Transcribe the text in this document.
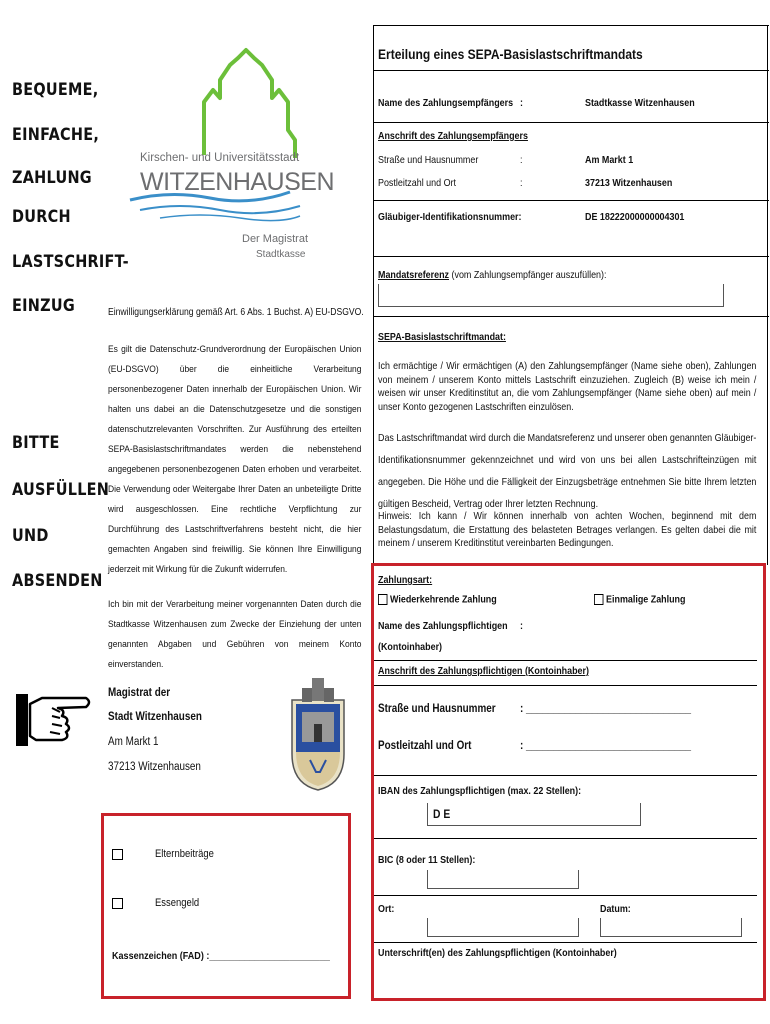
BEQUEME,
EINFACHE,
ZAHLUNG
DURCH
LASTSCHRIFT-
EINZUG
BITTE
AUSFÜLLEN
UND
ABSENDEN
Kirschen- und Universitätsstadt
WITZENHAUSEN
Der Magistrat
Stadtkasse
Einwilligungserklärung gemäß Art. 6 Abs. 1 Buchst. A) EU-DSGVO.
Es gilt die Datenschutz-Grundverordnung der Europäischen Union (EU-DSGVO) über die einheitliche Verarbeitung personenbezogener Daten innerhalb der Europäischen Union. Wir halten uns dabei an die Datenschutzgesetze und die sonstigen datenschutzrelevanten Vorschriften. Zur Ausführung des erteilten SEPA-Basislastschriftmandates werden die nebenstehend angegebenen personenbezogenen Daten erhoben und verarbeitet. Die Verwendung oder Weitergabe Ihrer Daten an unbeteiligte Dritte wird ausgeschlossen. Eine rechtliche Verpflichtung zur Durchführung des Lastschriftverfahrens besteht nicht, die hier gemachten Angaben sind freiwillig. Sie können Ihre Einwilligung jederzeit mit Wirkung für die Zukunft widerrufen.
Ich bin mit der Verarbeitung meiner vorgenannten Daten durch die Stadtkasse Witzenhausen zum Zwecke der Einziehung der unten genannten Abgaben und Gebühren von meinem Konto einverstanden.
Magistrat der
Stadt Witzenhausen
Am Markt 1
37213 Witzenhausen
Elternbeiträge
Essengeld
Kassenzeichen (FAD) :________________________
Erteilung eines SEPA-Basislastschriftmandats
Name des Zahlungsempfängers :	Stadtkasse Witzenhausen
Anschrift des Zahlungsempfängers
Straße und Hausnummer	:	Am Markt 1
Postleitzahl und Ort	:	37213 Witzenhausen
Gläubiger-Identifikationsnummer:	DE 18222000000004301
Mandatsreferenz (vom Zahlungsempfänger auszufüllen):
SEPA-Basislastschriftmandat:
Ich ermächtige / Wir ermächtigen (A) den Zahlungsempfänger (Name siehe oben), Zahlungen von meinem / unserem Konto mittels Lastschrift einzuziehen. Zugleich (B) weise ich mein / weisen wir unser Kreditinstitut an, die vom Zahlungsempfänger (Name siehe oben) auf mein / unser Konto gezogenen Lastschriften einzulösen.
Das Lastschriftmandat wird durch die Mandatsreferenz und unserer oben genannten Gläubiger-Identifikationsnummer gekennzeichnet und wird von uns bei allen Lastschrifteinzügen mit angegeben. Die Höhe und die Fälligkeit der Einzugsbeträge entnehmen Sie bitte Ihrem letzten gültigen Bescheid, Vertrag oder Ihrer letzten Rechnung.
Hinweis: Ich kann / Wir können innerhalb von achten Wochen, beginnend mit dem Belastungsdatum, die Erstattung des belasteten Betrages verlangen. Es gelten dabei die mit meinem / unserem Kreditinstitut vereinbarten Bedingungen.
Zahlungsart:
Wiederkehrende Zahlung	Einmalige Zahlung
Name des Zahlungspflichtigen :
(Kontoinhaber)
Anschrift des Zahlungspflichtigen (Kontoinhaber)
Straße und Hausnummer : ______________________________
Postleitzahl und Ort	: ______________________________
IBAN des Zahlungspflichtigen (max. 22 Stellen):
D E
BIC (8 oder 11 Stellen):
Ort:	Datum:
Unterschrift(en) des Zahlungspflichtigen (Kontoinhaber)
